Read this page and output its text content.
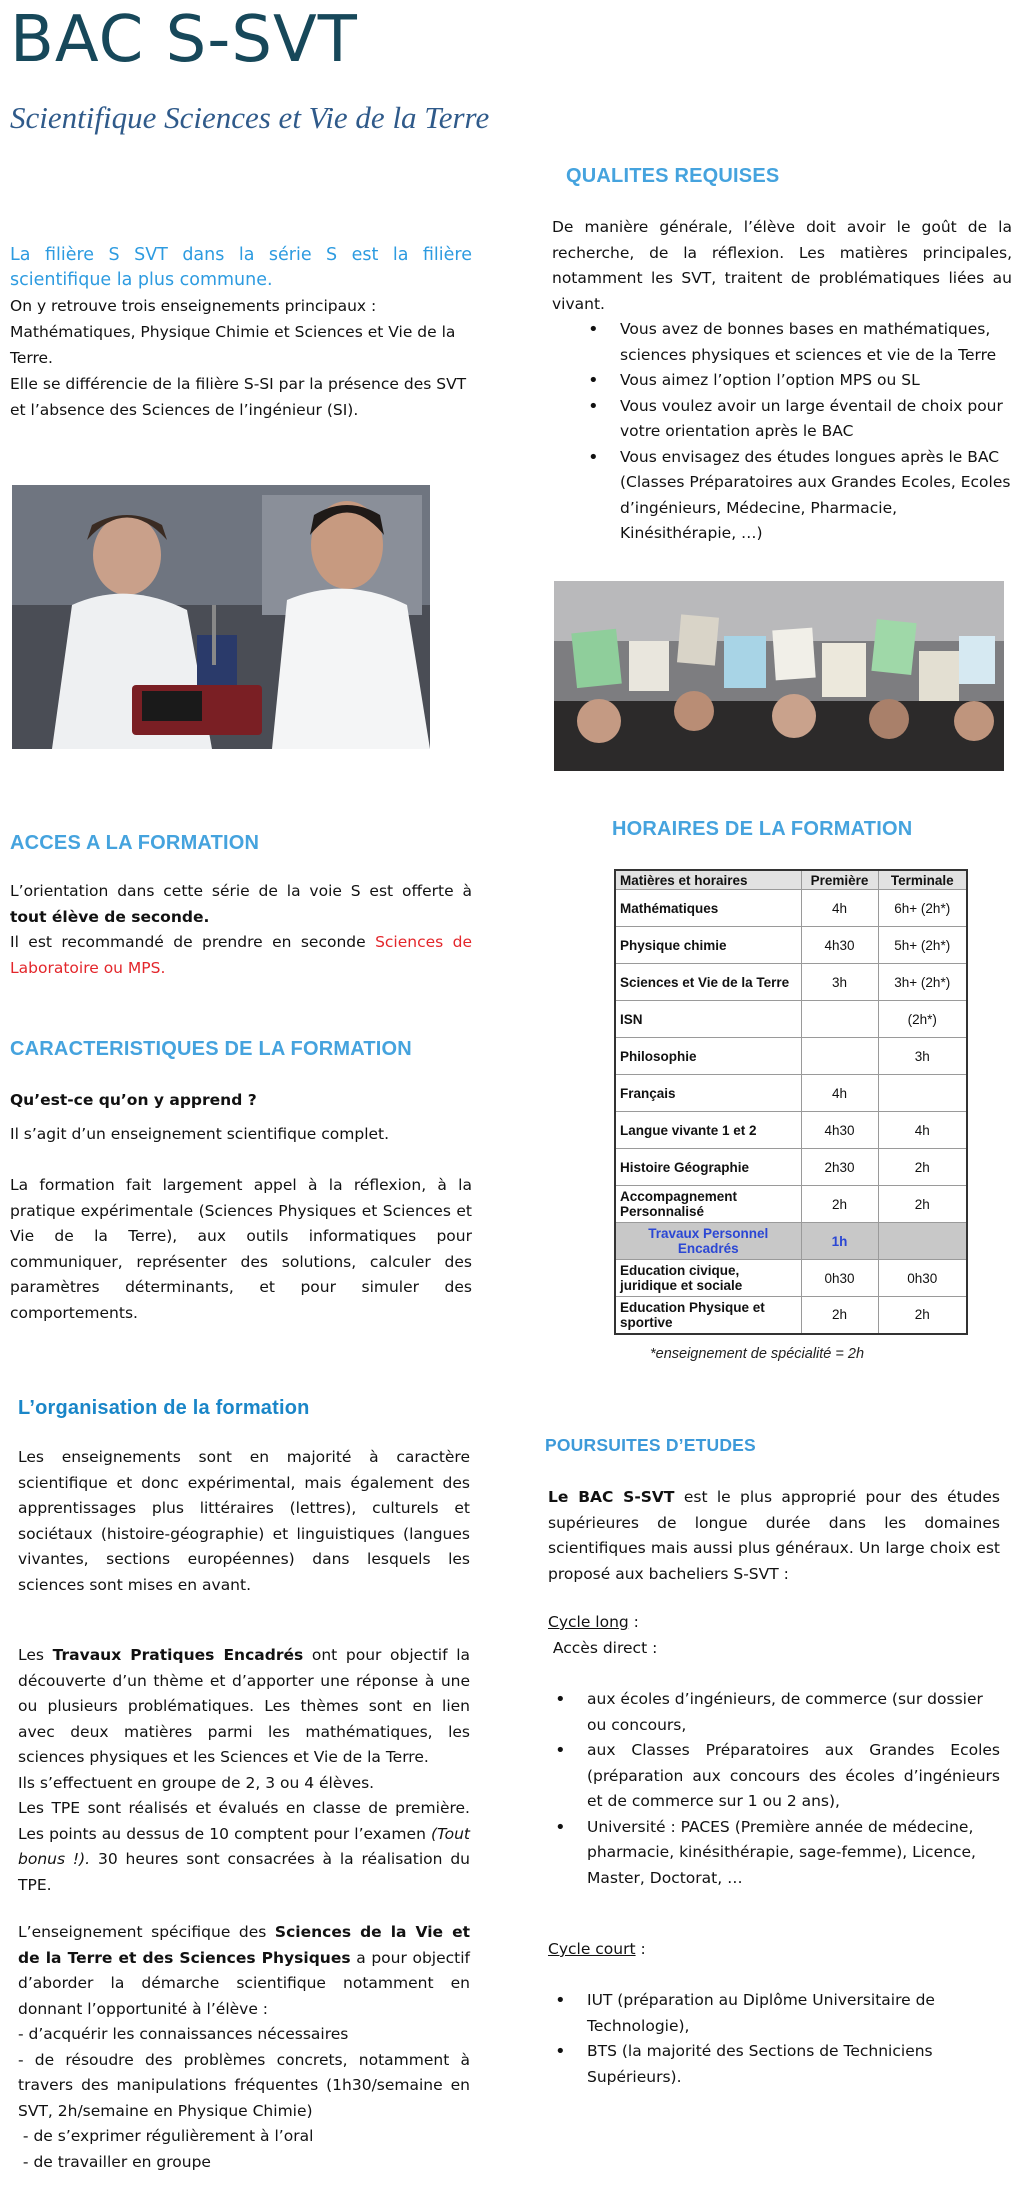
BAC S-SVT
Scientifique Sciences et Vie de la Terre
La filière S SVT dans la série S est la filière scientifique la plus commune.
On y retrouve trois enseignements principaux : Mathématiques, Physique Chimie et Sciences et Vie de la Terre.
Elle se différencie de la filière S-SI par la présence des SVT et l’absence des Sciences de l’ingénieur (SI).
QUALITES REQUISES
De manière générale, l’élève doit avoir le goût de la recherche, de la réflexion. Les matières principales, notamment les SVT, traitent de problématiques liées au vivant.
• Vous avez de bonnes bases en mathématiques, sciences physiques et sciences et vie de la Terre
• Vous aimez l’option l’option MPS ou SL
• Vous voulez avoir un large éventail de choix pour votre orientation après le BAC
• Vous envisagez des études longues après le BAC (Classes Préparatoires aux Grandes Ecoles, Ecoles d’ingénieurs, Médecine, Pharmacie, Kinésithérapie, …)
ACCES A LA FORMATION
L’orientation dans cette série de la voie S est offerte à tout élève de seconde.
Il est recommandé de prendre en seconde Sciences de Laboratoire ou MPS.
CARACTERISTIQUES DE LA FORMATION
Qu’est-ce qu’on y apprend ?
Il s’agit d’un enseignement scientifique complet.
La formation fait largement appel à la réflexion, à la pratique expérimentale (Sciences Physiques et Sciences et Vie de la Terre), aux outils informatiques pour communiquer, représenter des solutions, calculer des paramètres déterminants, et pour simuler des comportements.
HORAIRES DE LA FORMATION
Matières et horaires	Première	Terminale
Mathématiques	4h	6h+ (2h*)
Physique chimie	4h30	5h+ (2h*)
Sciences et Vie de la Terre	3h	3h+ (2h*)
ISN		(2h*)
Philosophie		3h
Français	4h	
Langue vivante 1 et 2	4h30	4h
Histoire Géographie	2h30	2h
Accompagnement Personnalisé	2h	2h
Travaux Personnel Encadrés	1h	
Education civique, juridique et sociale	0h30	0h30
Education Physique et sportive	2h	2h
*enseignement de spécialité = 2h
L’organisation de la formation
Les enseignements sont en majorité à caractère scientifique et donc expérimental, mais également des apprentissages plus littéraires (lettres), culturels et sociétaux (histoire-géographie) et linguistiques (langues vivantes, sections européennes) dans lesquels les sciences sont mises en avant.
Les Travaux Pratiques Encadrés ont pour objectif la découverte d’un thème et d’apporter une réponse à une ou plusieurs problématiques. Les thèmes sont en lien avec deux matières parmi les mathématiques, les sciences physiques et les Sciences et Vie de la Terre.
Ils s’effectuent en groupe de 2, 3 ou 4 élèves.
Les TPE sont réalisés et évalués en classe de première. Les points au dessus de 10 comptent pour l’examen (Tout bonus !). 30 heures sont consacrées à la réalisation du TPE.
L’enseignement spécifique des Sciences de la Vie et de la Terre et des Sciences Physiques a pour objectif d’aborder la démarche scientifique notamment en donnant l’opportunité à l’élève :
- d’acquérir les connaissances nécessaires
- de résoudre des problèmes concrets, notamment à travers des manipulations fréquentes (1h30/semaine en SVT, 2h/semaine en Physique Chimie)
- de s’exprimer régulièrement à l’oral
- de travailler en groupe
POURSUITES D’ETUDES
Le BAC S-SVT est le plus approprié pour des études supérieures de longue durée dans les domaines scientifiques mais aussi plus généraux. Un large choix est proposé aux bacheliers S-SVT :
Cycle long :
Accès direct :
• aux écoles d’ingénieurs, de commerce (sur dossier ou concours,
• aux Classes Préparatoires aux Grandes Ecoles (préparation aux concours des écoles d’ingénieurs et de commerce sur 1 ou 2 ans),
• Université : PACES (Première année de médecine, pharmacie, kinésithérapie, sage-femme), Licence, Master, Doctorat, …
Cycle court :
• IUT (préparation au Diplôme Universitaire de Technologie),
• BTS (la majorité des Sections de Techniciens Supérieurs).
